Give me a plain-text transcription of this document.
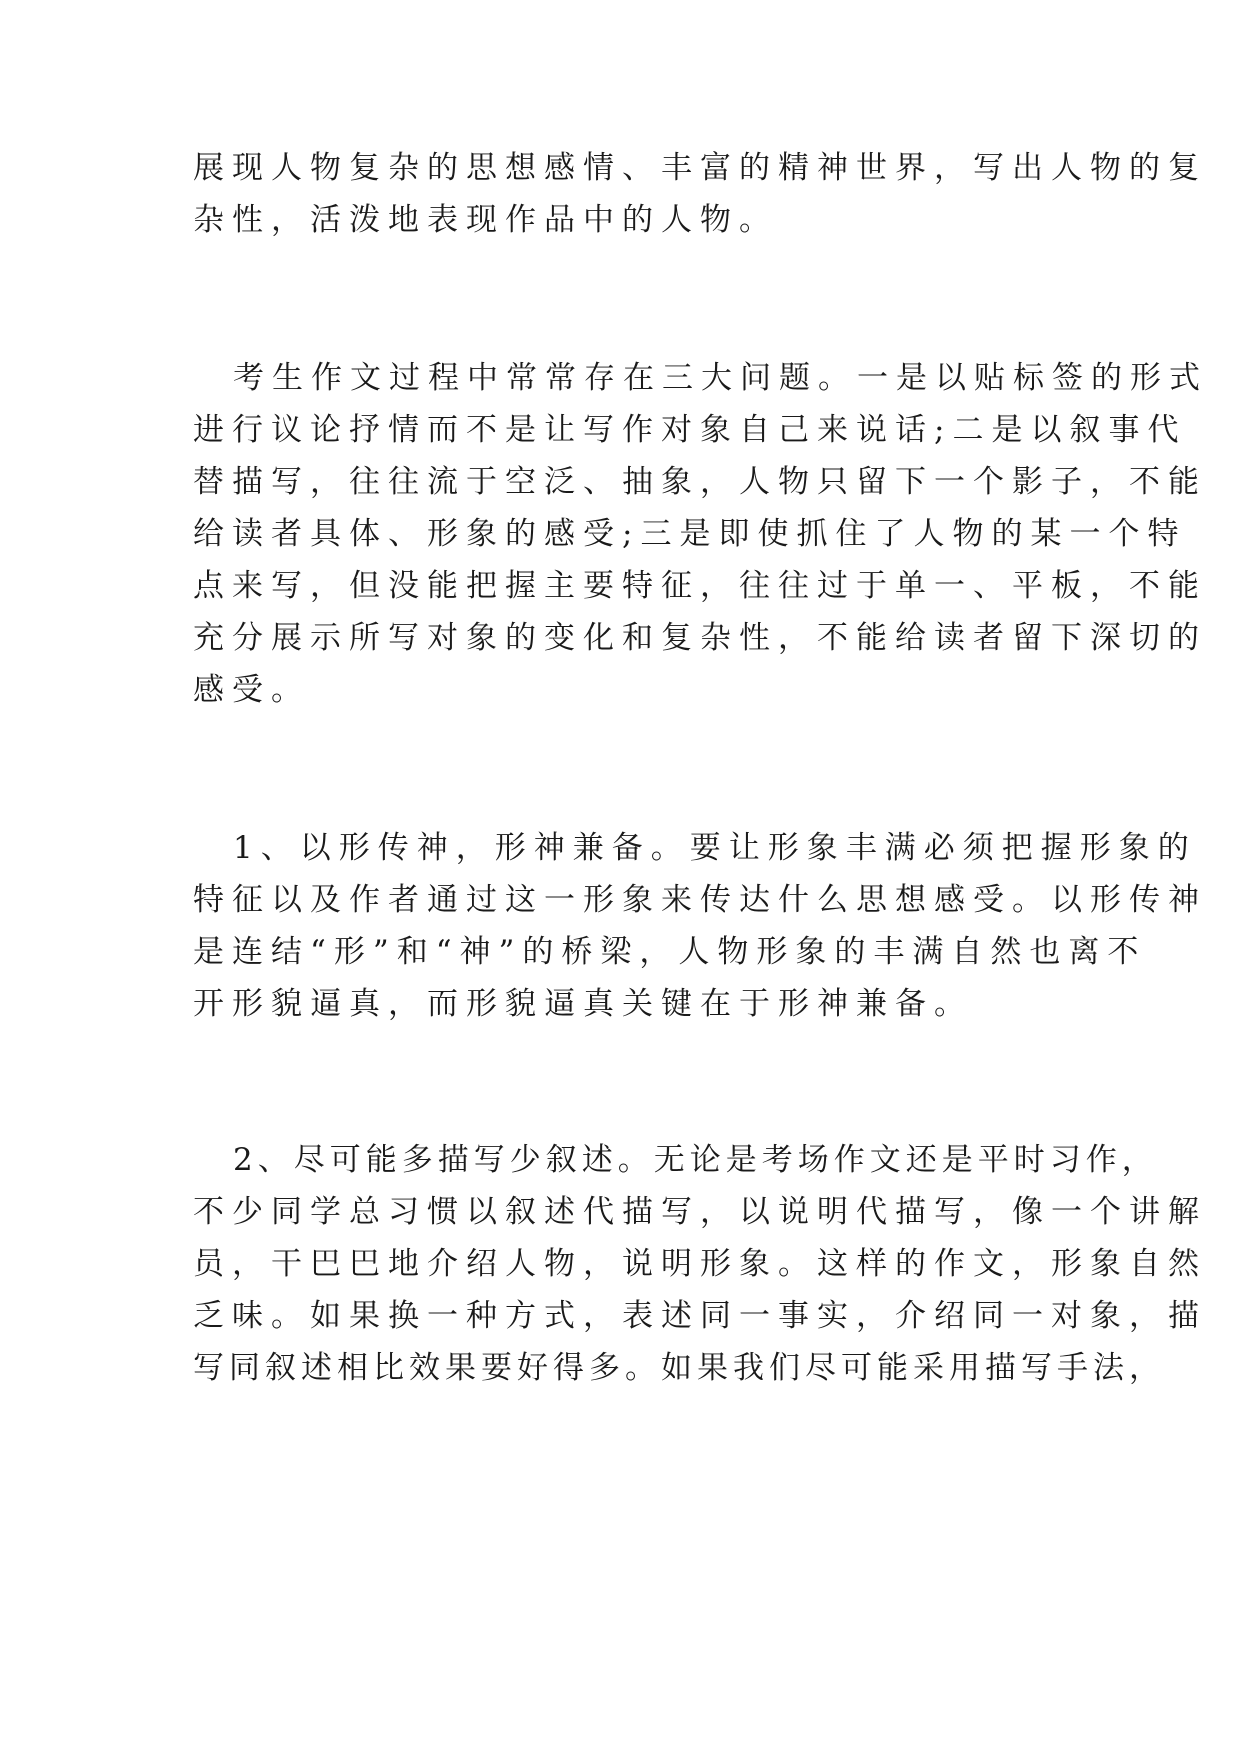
展现人物复杂的思想感情、丰富的精神世界，写出人物的复
杂性，活泼地表现作品中的人物。
考生作文过程中常常存在三大问题。一是以贴标签的形式
进行议论抒情而不是让写作对象自己来说话;二是以叙事代
替描写，往往流于空泛、抽象，人物只留下一个影子，不能
给读者具体、形象的感受;三是即使抓住了人物的某一个特
点来写，但没能把握主要特征，往往过于单一、平板，不能
充分展示所写对象的变化和复杂性，不能给读者留下深切的
感受。
1、以形传神，形神兼备。要让形象丰满必须把握形象的
特征以及作者通过这一形象来传达什么思想感受。以形传神
是连结“形”和“神”的桥梁，人物形象的丰满自然也离不
开形貌逼真，而形貌逼真关键在于形神兼备。
2、尽可能多描写少叙述。无论是考场作文还是平时习作，
不少同学总习惯以叙述代描写，以说明代描写，像一个讲解
员，干巴巴地介绍人物，说明形象。这样的作文，形象自然
乏味。如果换一种方式，表述同一事实，介绍同一对象，描
写同叙述相比效果要好得多。如果我们尽可能采用描写手法，
